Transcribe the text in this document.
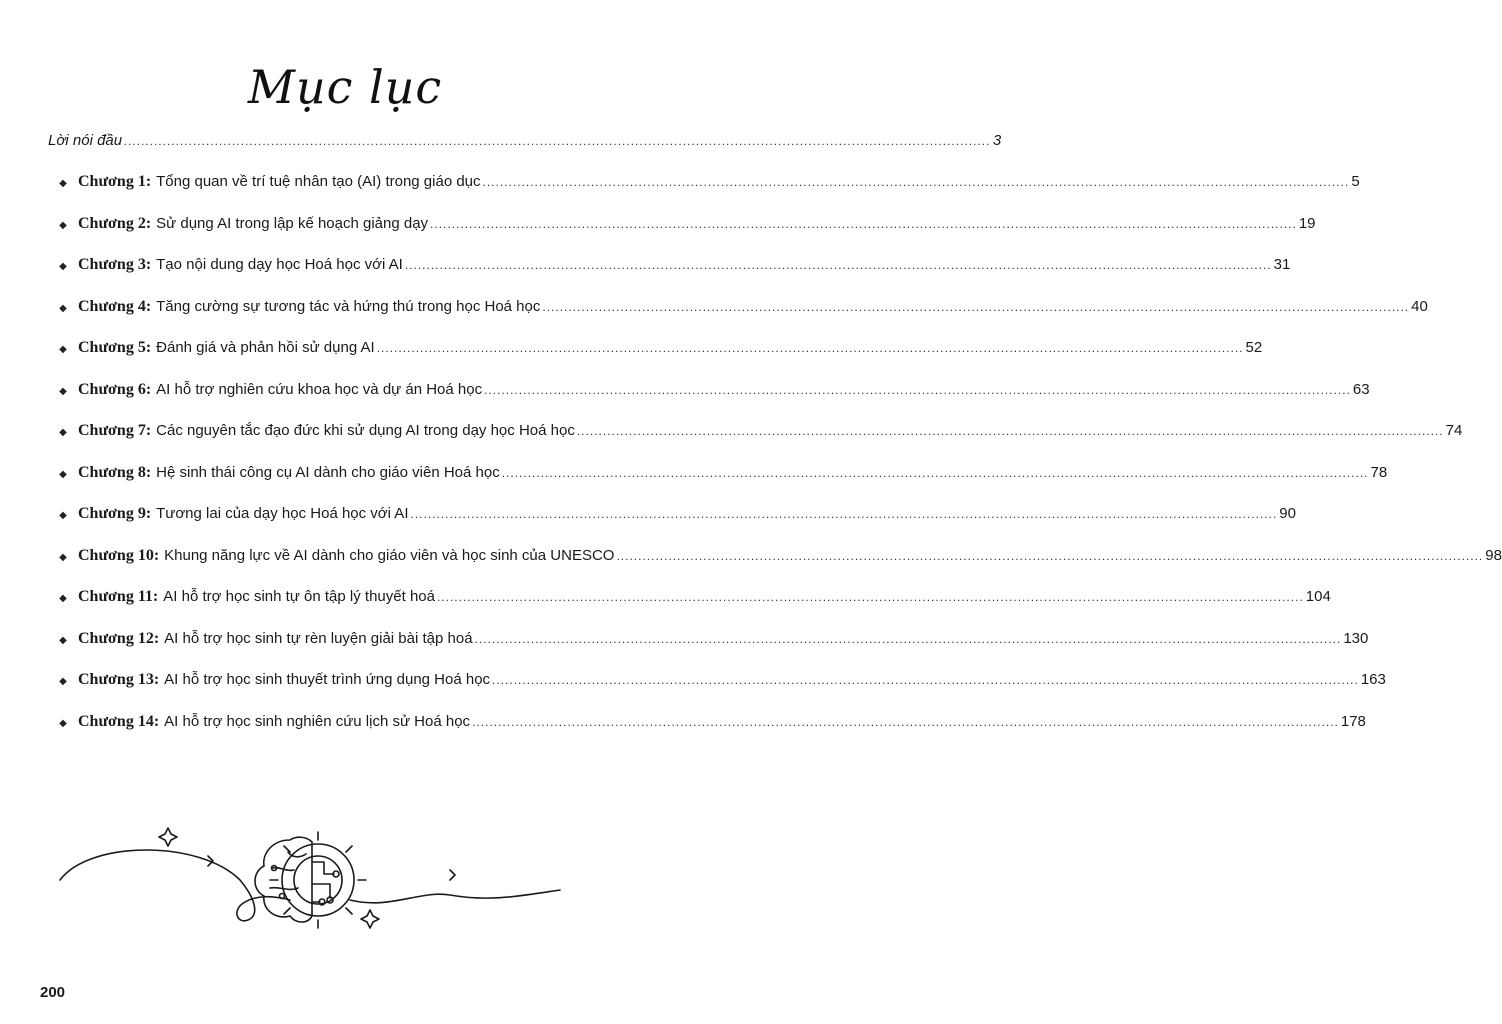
Mục lục
Lời nói đầu ........................................................................................................................................................................................................ 3
◆ Chương 1: Tổng quan về trí tuệ nhân tạo (AI) trong giáo dục ........................................................................................................................................................................................................ 5
◆ Chương 2: Sử dụng AI trong lập kế hoạch giảng dạy ........................................................................................................................................................................................................ 19
◆ Chương 3: Tạo nội dung dạy học Hoá học với AI ........................................................................................................................................................................................................ 31
◆ Chương 4: Tăng cường sự tương tác và hứng thú trong học Hoá học ........................................................................................................................................................................................................ 40
◆ Chương 5: Đánh giá và phản hồi sử dụng AI ........................................................................................................................................................................................................ 52
◆ Chương 6: AI hỗ trợ nghiên cứu khoa học và dự án Hoá học ........................................................................................................................................................................................................ 63
◆ Chương 7: Các nguyên tắc đạo đức khi sử dụng AI trong dạy học Hoá học ........................................................................................................................................................................................................ 74
◆ Chương 8: Hệ sinh thái công cụ AI dành cho giáo viên Hoá học ........................................................................................................................................................................................................ 78
◆ Chương 9: Tương lai của dạy học Hoá học với AI ........................................................................................................................................................................................................ 90
◆ Chương 10: Khung năng lực về AI dành cho giáo viên và học sinh của UNESCO ........................................................................................................................................................................................................ 98
◆ Chương 11: AI hỗ trợ học sinh tự ôn tập lý thuyết hoá ........................................................................................................................................................................................................ 104
◆ Chương 12: AI hỗ trợ học sinh tự rèn luyện giải bài tập hoá ........................................................................................................................................................................................................ 130
◆ Chương 13: AI hỗ trợ học sinh thuyết trình ứng dụng Hoá học ........................................................................................................................................................................................................ 163
◆ Chương 14: AI hỗ trợ học sinh nghiên cứu lịch sử Hoá học ........................................................................................................................................................................................................ 178
200
